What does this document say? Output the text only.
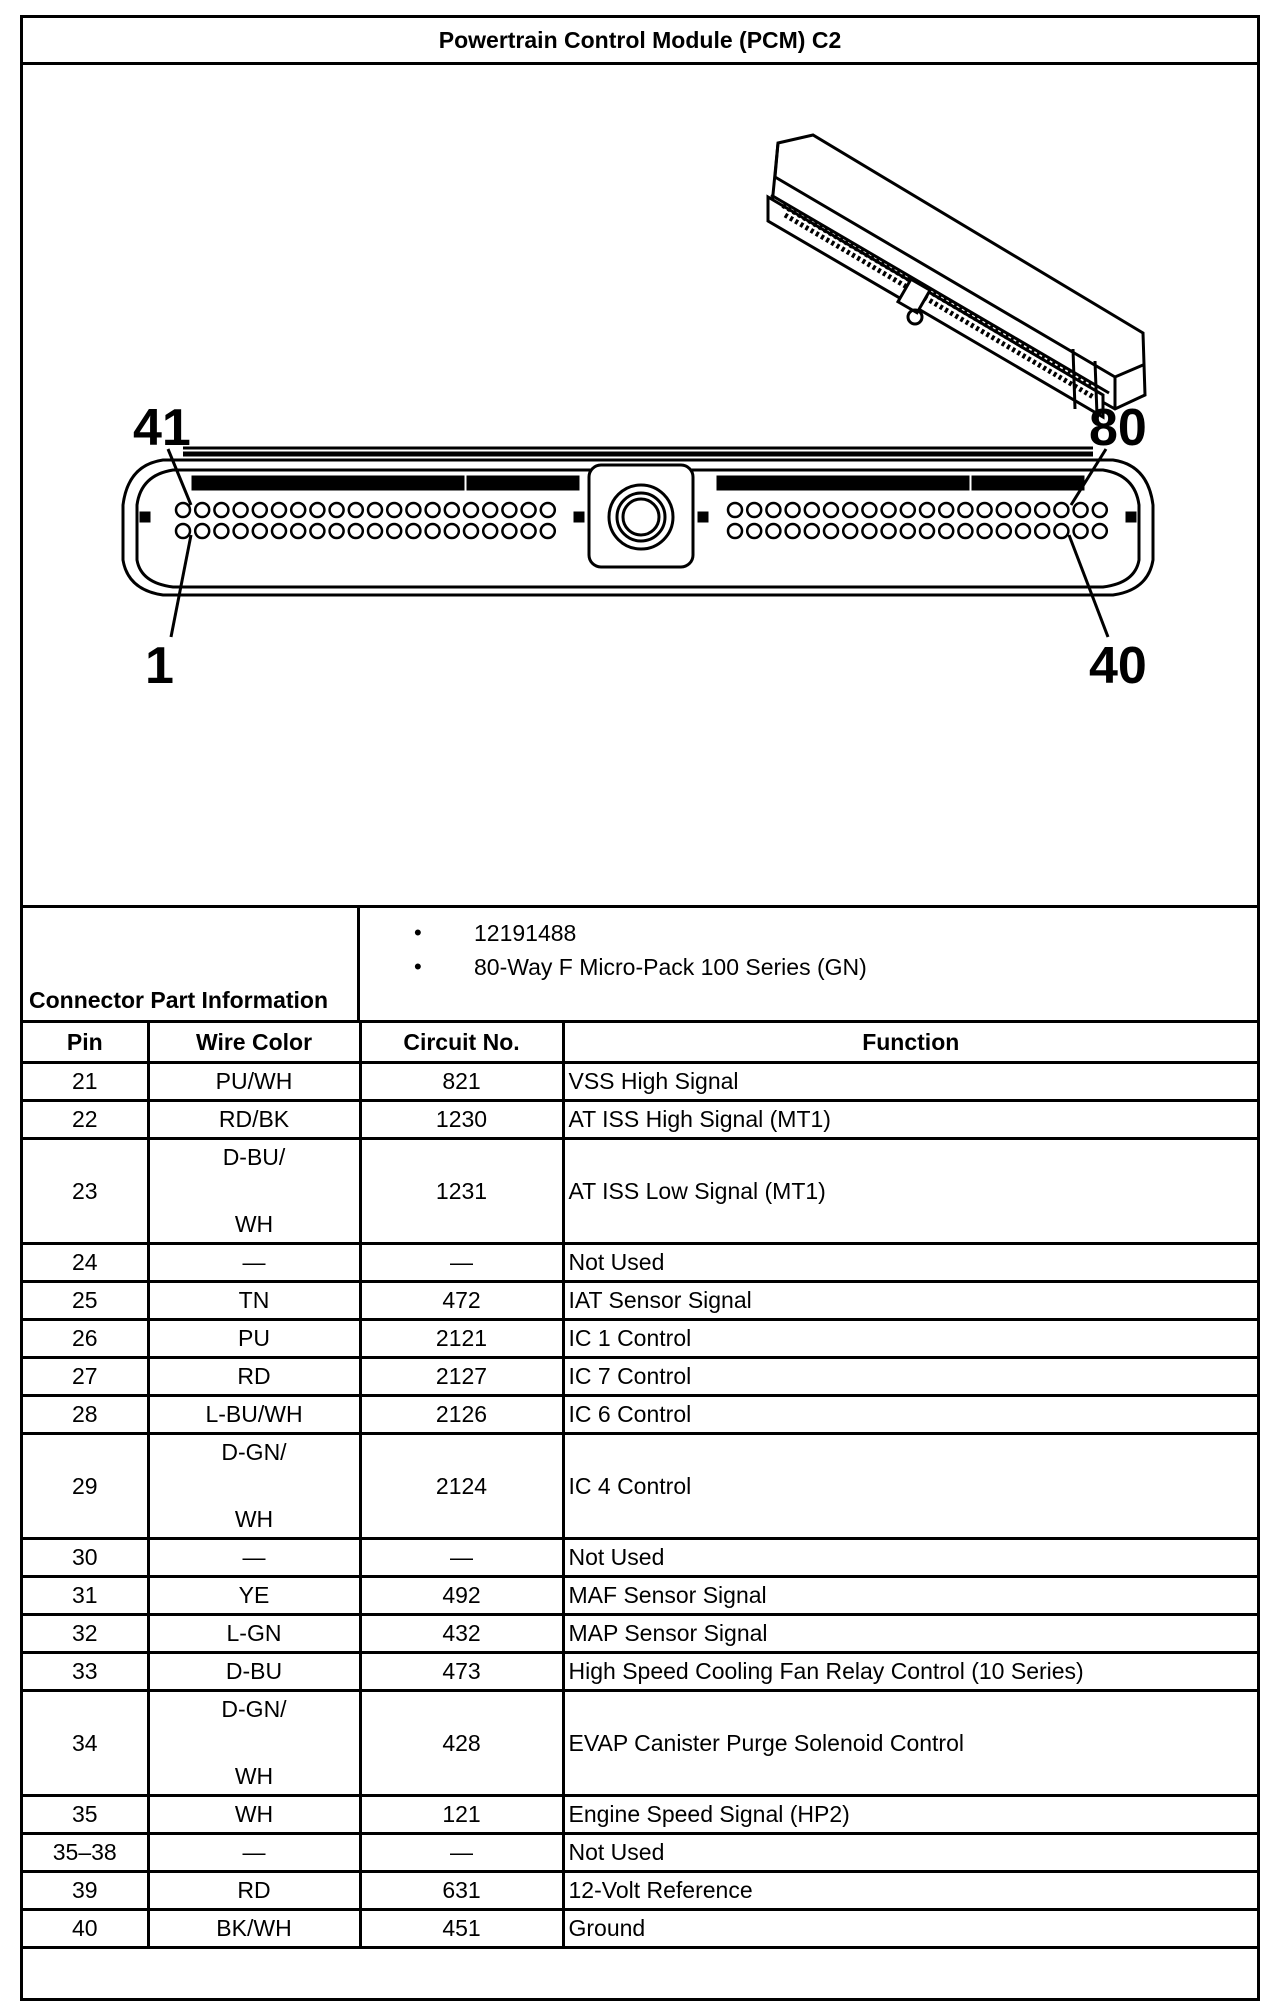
Powertrain Control Module (PCM) C2
41	80
1	40
Connector Part Information
•	12191488
•	80-Way F Micro-Pack 100 Series (GN)
Pin	Wire Color	Circuit No.	Function
21	PU/WH	821	VSS High Signal
22	RD/BK	1230	AT ISS High Signal (MT1)
23	D-BU/
WH	1231	AT ISS Low Signal (MT1)
24	—	—	Not Used
25	TN	472	IAT Sensor Signal
26	PU	2121	IC 1 Control
27	RD	2127	IC 7 Control
28	L-BU/WH	2126	IC 6 Control
29	D-GN/
WH	2124	IC 4 Control
30	—	—	Not Used
31	YE	492	MAF Sensor Signal
32	L-GN	432	MAP Sensor Signal
33	D-BU	473	High Speed Cooling Fan Relay Control (10 Series)
34	D-GN/
WH	428	EVAP Canister Purge Solenoid Control
35	WH	121	Engine Speed Signal (HP2)
35–38	—	—	Not Used
39	RD	631	12-Volt Reference
40	BK/WH	451	Ground
